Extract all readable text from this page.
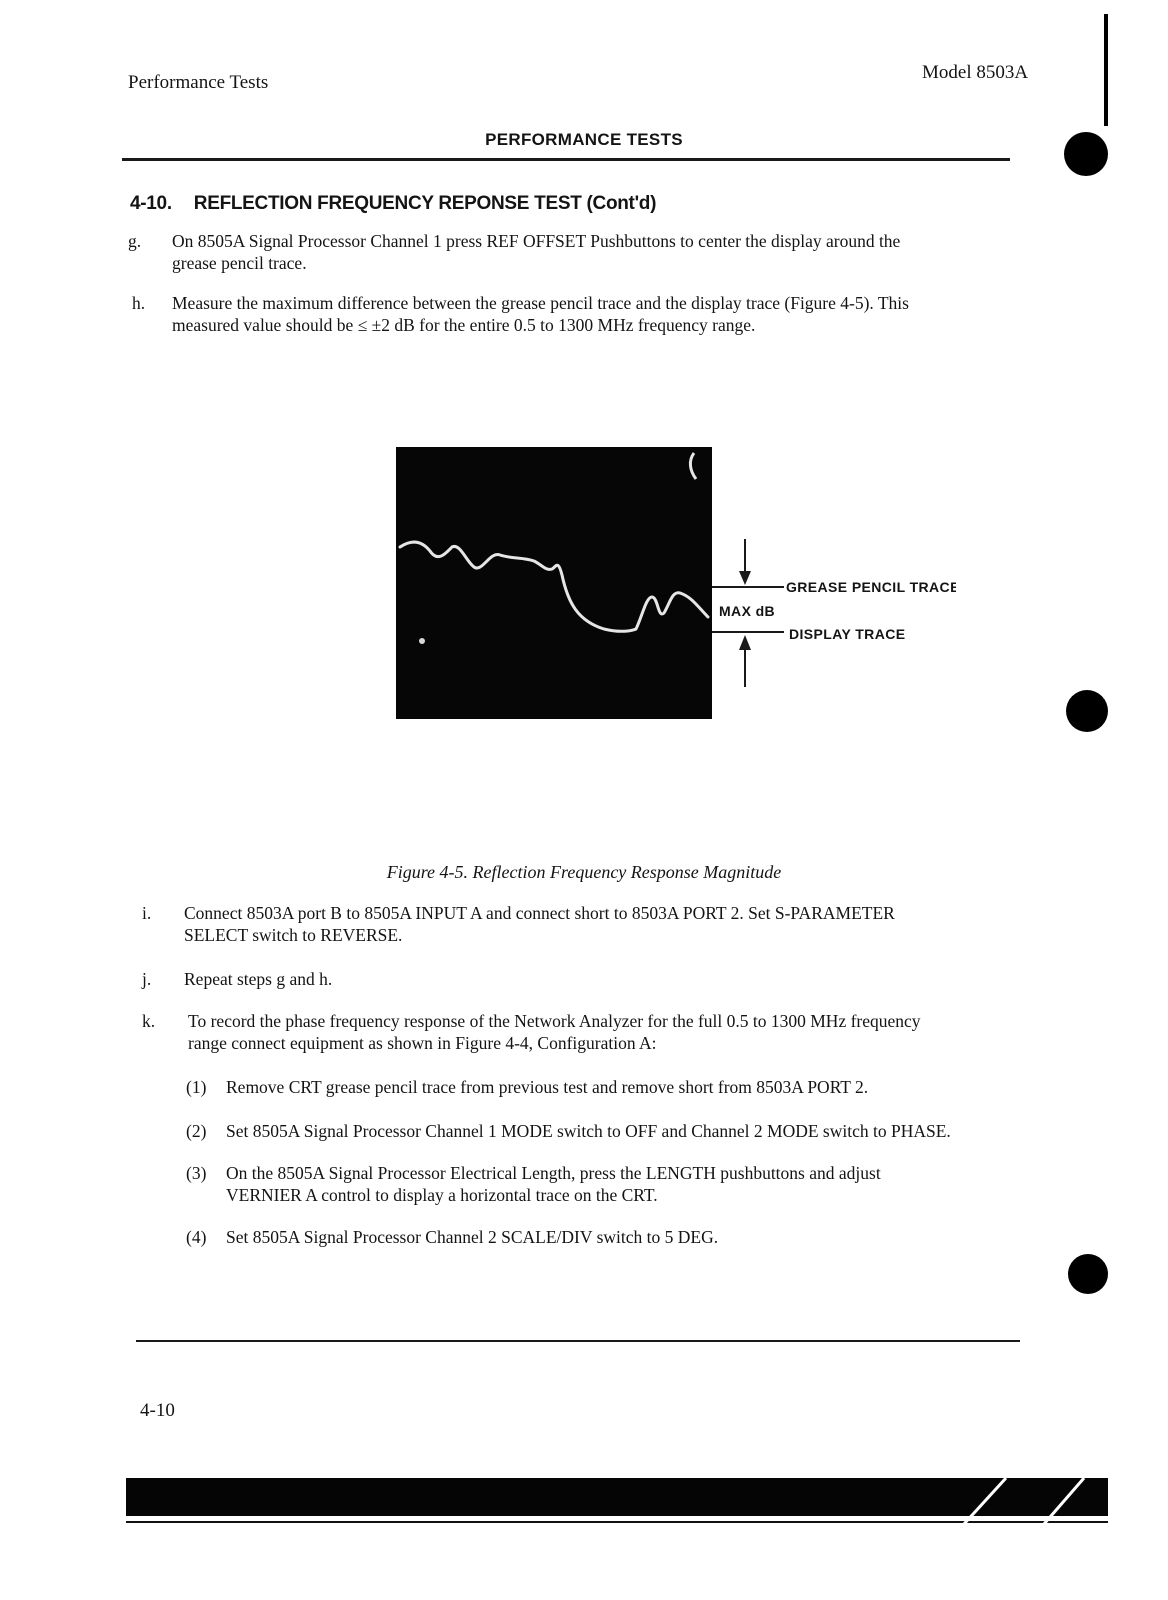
Performance Tests	Model 8503A
PERFORMANCE TESTS
4-10. REFLECTION FREQUENCY REPONSE TEST (Cont'd)
g. On 8505A Signal Processor Channel 1 press REF OFFSET Pushbuttons to center the display around the
grease pencil trace.
h. Measure the maximum difference between the grease pencil trace and the display trace (Figure 4-5). This
measured value should be ≤ ±2 dB for the entire 0.5 to 1300 MHz frequency range.
GREASE PENCIL TRACE
MAX dB
DISPLAY TRACE
Figure 4-5. Reflection Frequency Response Magnitude
i. Connect 8503A port B to 8505A INPUT A and connect short to 8503A PORT 2. Set S-PARAMETER
SELECT switch to REVERSE.
j. Repeat steps g and h.
k. To record the phase frequency response of the Network Analyzer for the full 0.5 to 1300 MHz frequency
range connect equipment as shown in Figure 4-4, Configuration A:
(1) Remove CRT grease pencil trace from previous test and remove short from 8503A PORT 2.
(2) Set 8505A Signal Processor Channel 1 MODE switch to OFF and Channel 2 MODE switch to PHASE.
(3) On the 8505A Signal Processor Electrical Length, press the LENGTH pushbuttons and adjust
VERNIER A control to display a horizontal trace on the CRT.
(4) Set 8505A Signal Processor Channel 2 SCALE/DIV switch to 5 DEG.
4-10
